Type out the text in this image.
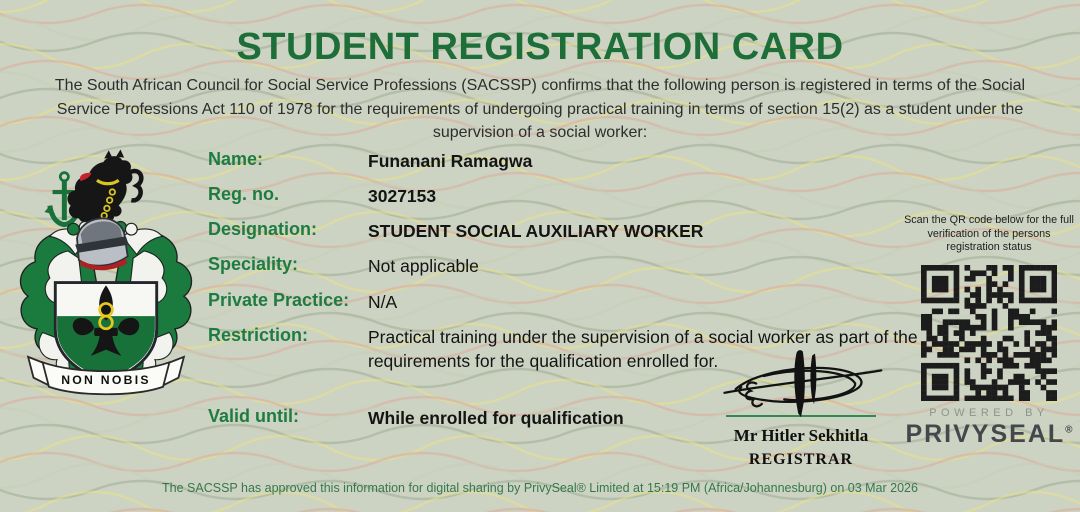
STUDENT REGISTRATION CARD
The South African Council for Social Service Professions (SACSSP) confirms that the following person is registered in terms of the Social Service Professions Act 110 of 1978 for the requirements of undergoing practical training in terms of section 15(2) as a student under the supervision of a social worker:
NON NOBIS
Name:	Funanani Ramagwa
Reg. no.	3027153
Designation:	STUDENT SOCIAL AUXILIARY WORKER
Speciality:	Not applicable
Private Practice:	N/A
Restriction:	Practical training under the supervision of a social worker as part of the requirements for the qualification enrolled for.
Valid until:	While enrolled for qualification
Scan the QR code below for the full verification of the persons registration status
POWERED BY
PRIVYSEAL®
Mr Hitler Sekhitla
REGISTRAR
The SACSSP has approved this information for digital sharing by PrivySeal® Limited at 15:19 PM (Africa/Johannesburg) on 03 Mar 2026
